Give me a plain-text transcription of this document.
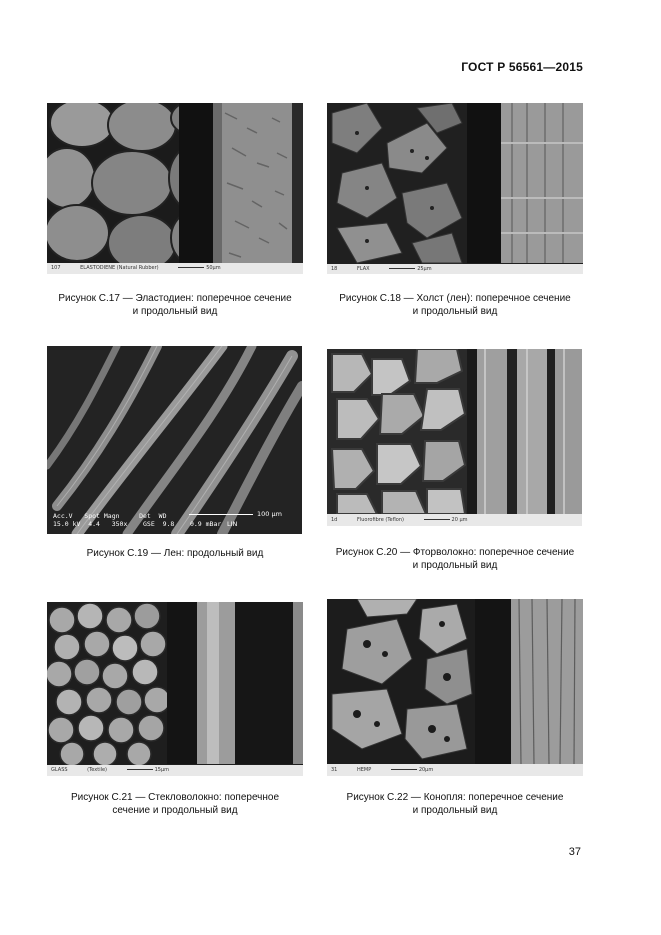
ГОСТ Р 56561—2015
107	ELASTODIENE (Natural Rubber)	50µm
Рисунок С.17 — Эластодиен: поперечное сечение
и продольный вид
18	FLAX	25µm
Рисунок С.18 — Холст (лен): поперечное сечение
и продольный вид
Acc.V   Spot Magn     Det  WD
15.0 kV  4.4   350x    GSE  9.8    0.9 mBar
100 µm
LIN
Рисунок С.19 — Лен: продольный вид
1d	Fluorofibre (Teflon)	20 µm
Рисунок С.20 — Фторволокно: поперечное сечение
и продольный вид
GLASS	(Textile)	15µm
Рисунок С.21 — Стекловолокно: поперечное
сечение и продольный вид
31	HEMP	20µm
Рисунок С.22 — Конопля: поперечное сечение
и продольный вид
37
